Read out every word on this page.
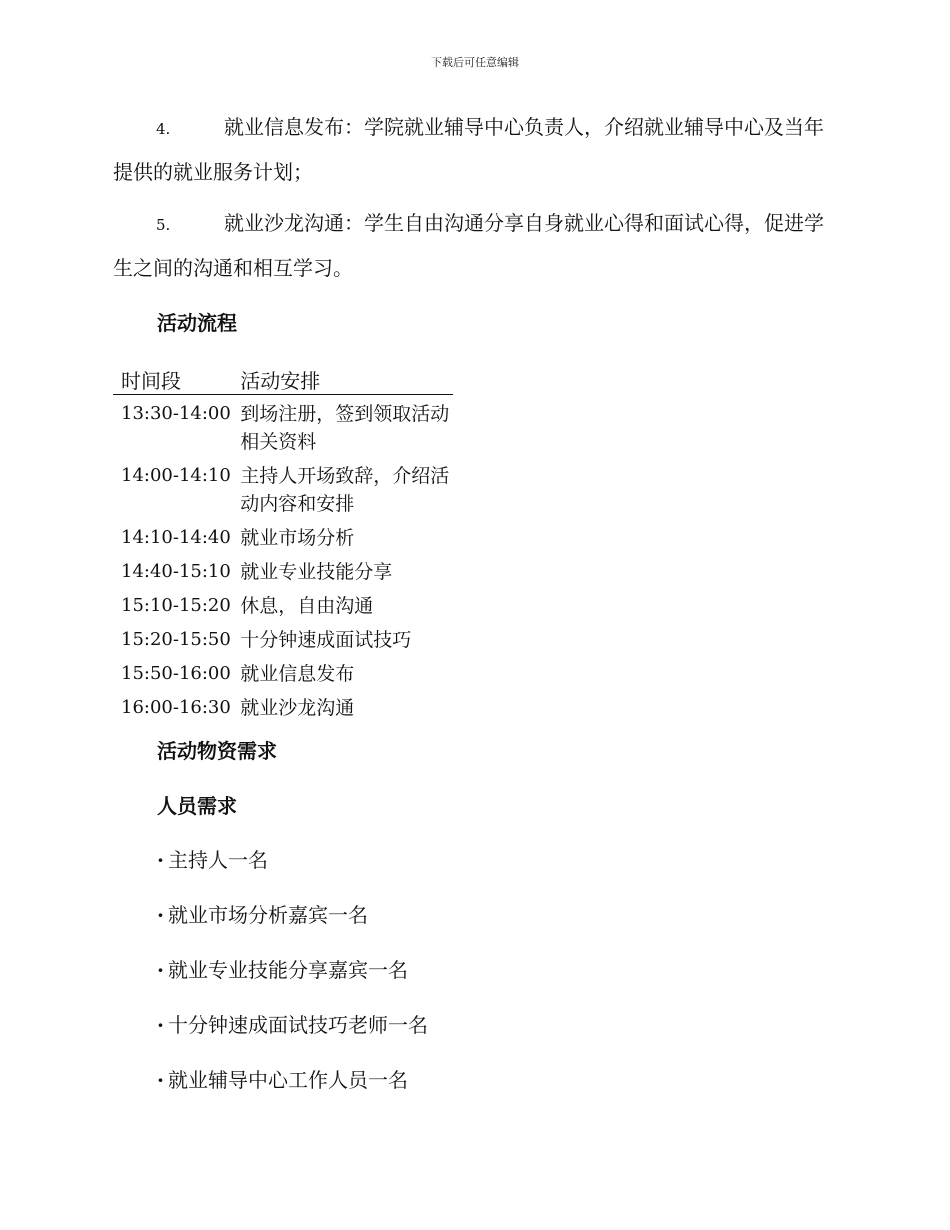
下载后可任意编辑
4.	就业信息发布：学院就业辅导中心负责人，介绍就业辅导中心及当年提供的就业服务计划；
5.	就业沙龙沟通：学生自由沟通分享自身就业心得和面试心得，促进学生之间的沟通和相互学习。
活动流程
时间段	活动安排
13:30-14:00	到场注册，签到领取活动相关资料
14:00-14:10	主持人开场致辞，介绍活动内容和安排
14:10-14:40	就业市场分析
14:40-15:10	就业专业技能分享
15:10-15:20	休息，自由沟通
15:20-15:50	十分钟速成面试技巧
15:50-16:00	就业信息发布
16:00-16:30	就业沙龙沟通
活动物资需求
人员需求
· 主持人一名
· 就业市场分析嘉宾一名
· 就业专业技能分享嘉宾一名
· 十分钟速成面试技巧老师一名
· 就业辅导中心工作人员一名
